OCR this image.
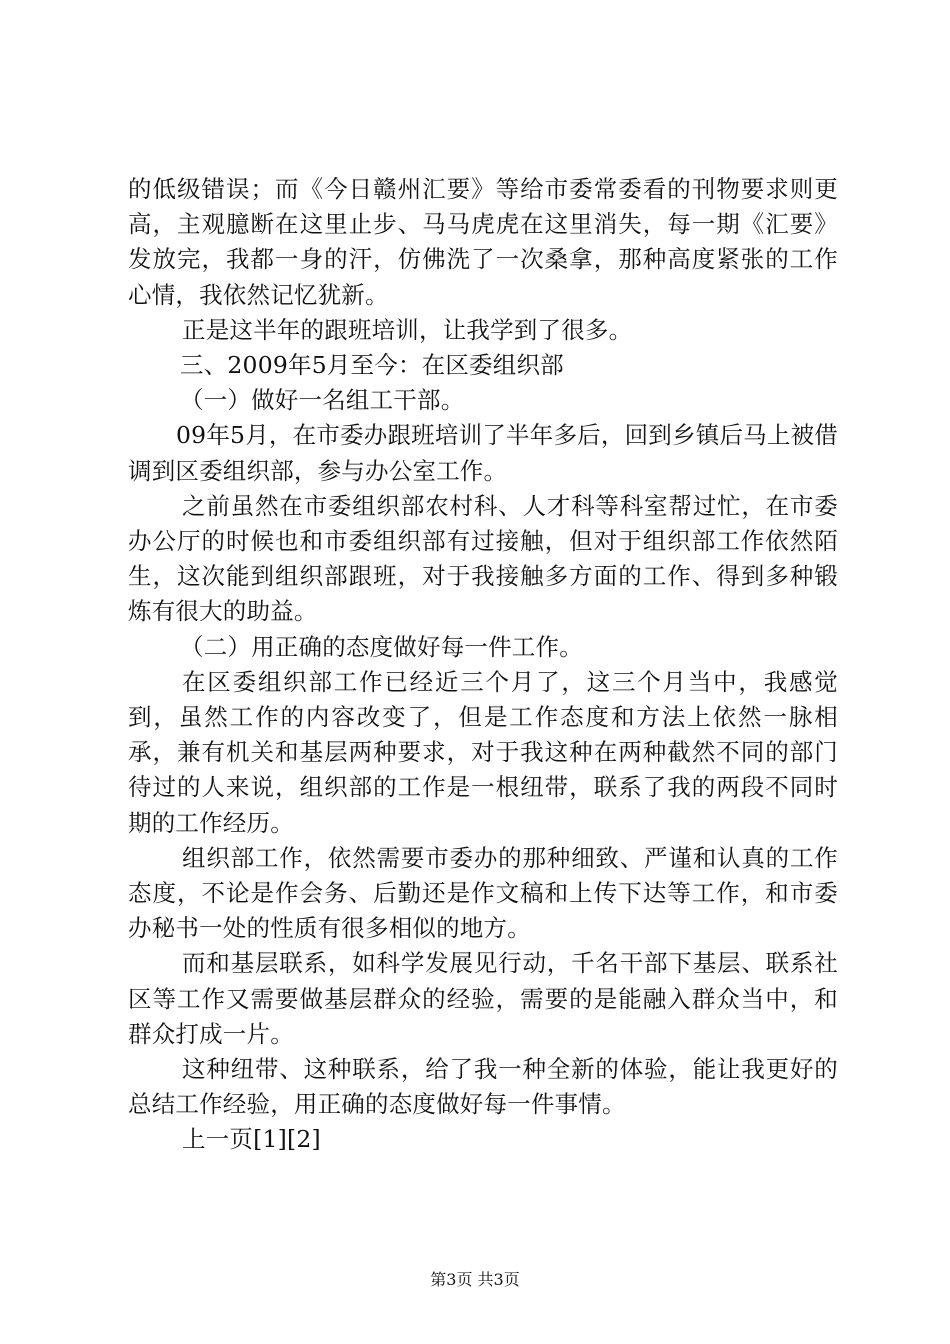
的低级错误；而《今日赣州汇要》等给市委常委看的刊物要求则更高，主观臆断在这里止步、马马虎虎在这里消失，每一期《汇要》发放完，我都一身的汗，仿佛洗了一次桑拿，那种高度紧张的工作心情，我依然记忆犹新。

正是这半年的跟班培训，让我学到了很多。

三、2009年5月至今：在区委组织部

（一）做好一名组工干部。

09年5月，在市委办跟班培训了半年多后，回到乡镇后马上被借调到区委组织部，参与办公室工作。

之前虽然在市委组织部农村科、人才科等科室帮过忙，在市委办公厅的时候也和市委组织部有过接触，但对于组织部工作依然陌生，这次能到组织部跟班，对于我接触多方面的工作、得到多种锻炼有很大的助益。

（二）用正确的态度做好每一件工作。

在区委组织部工作已经近三个月了，这三个月当中，我感觉到，虽然工作的内容改变了，但是工作态度和方法上依然一脉相承，兼有机关和基层两种要求，对于我这种在两种截然不同的部门待过的人来说，组织部的工作是一根纽带，联系了我的两段不同时期的工作经历。

组织部工作，依然需要市委办的那种细致、严谨和认真的工作态度，不论是作会务、后勤还是作文稿和上传下达等工作，和市委办秘书一处的性质有很多相似的地方。

而和基层联系，如科学发展见行动，千名干部下基层、联系社区等工作又需要做基层群众的经验，需要的是能融入群众当中，和群众打成一片。

这种纽带、这种联系，给了我一种全新的体验，能让我更好的总结工作经验，用正确的态度做好每一件事情。

上一页[1][2]

第3页 共3页
